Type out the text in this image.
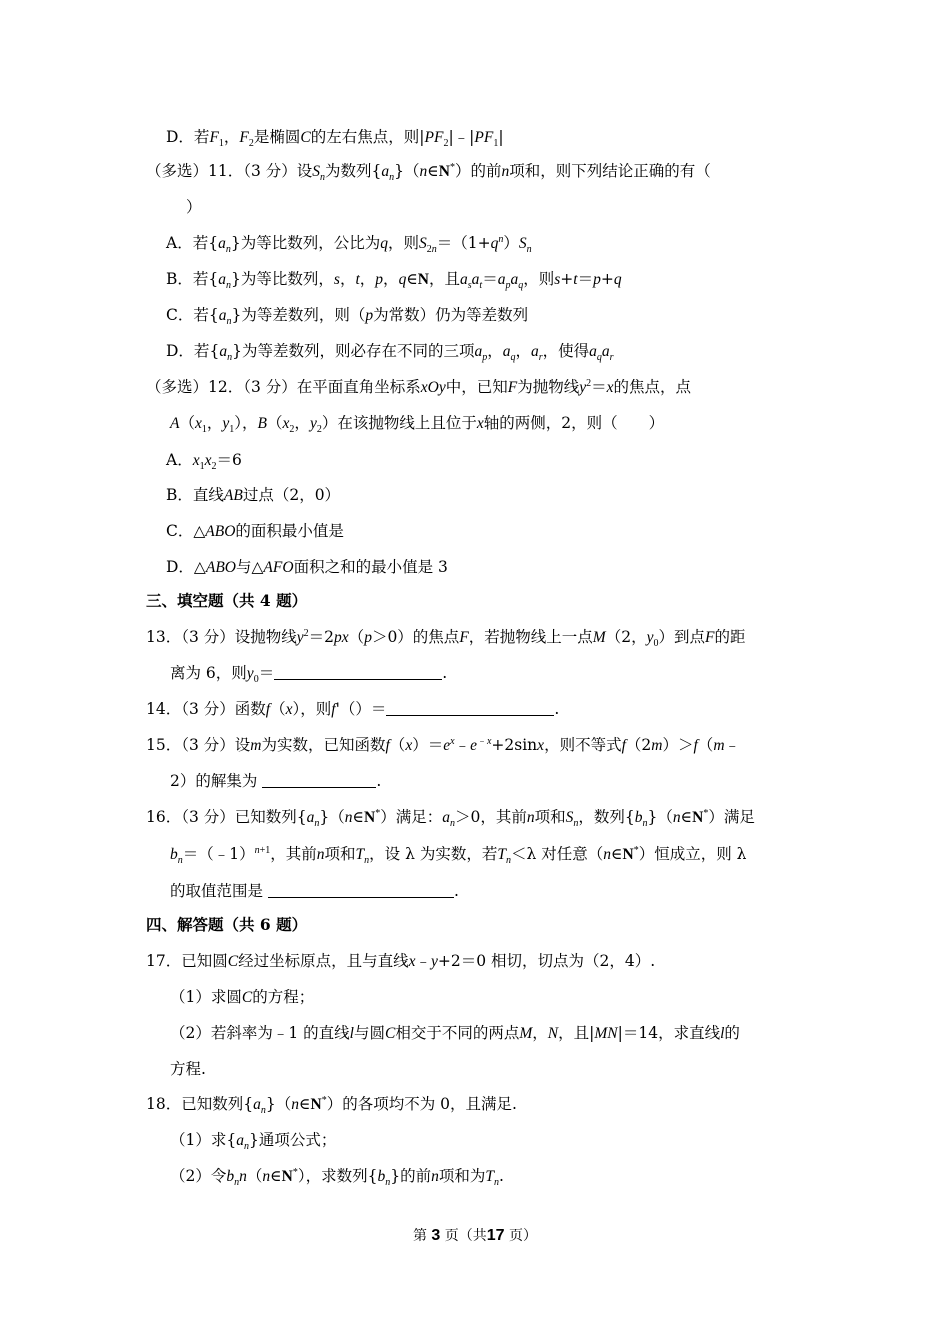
D．若$F_1$，$F_2$是椭圆C的左右焦点，则$|PF_2|﹣|PF_1|$
（多选）11．（3 分）设$S_n$为数列$\{a_n\}(n\in N^*)$的前n项和，则下列结论正确的有（
）
A．若$\{a_n\}$为等比数列，公比为q，则$S_{2n}=(1+q^n)S_n$
B．若$\{a_n\}$为等比数列，s，t，p，q∈N，且$a_sa_t=a_pa_q$，则s+t＝p+q
C．若$\{a_n\}$为等差数列，则（p为常数）仍为等差数列
D．若$\{a_n\}$为等差数列，则必存在不同的三项$a_p$，$a_q$，$a_r$，使得$a_qa_r$
（多选）12．（3 分）在平面直角坐标系xOy中，已知F为抛物线$y^2=x$的焦点，点
$A(x_1$，$y_1$），$B(x_2$，$y_2$）在该抛物线上且位于x轴的两侧，2，则（　　）
A．$x_1x_2=6$
B．直线AB过点（2，0）
C．△ABO的面积最小值是
D．△ABO与△AFO面积之和的最小值是 3
三、填空题（共 4 题）
13．（3 分）设抛物线$y^2=2px(p>0)$的焦点F，若抛物线上一点M（2，$y_0$）到点F的距
离为 6，则$y_0=$	.
14．（3 分）函数f（x），则f'（）＝	.
15．（3 分）设m为实数，已知函数$f(x)=e^x﹣e^{﹣x}+2\sin x$，则不等式f（2m）＞f（m﹣
2）的解集为	.
16．（3 分）已知数列$\{a_n\}(n\in N^*)$满足：$a_n>0$，其前n项和$S_n$，数列$\{b_n\}(n\in N^*)$满足
$b_n=(﹣1)^{n+1}$，其前n项和$T_n$，设 λ 为实数，若$T_n<\lambda$ 对任意（n∈N*）恒成立，则 λ
的取值范围是	.
四、解答题（共 6 题）
17．已知圆C经过坐标原点，且与直线x﹣y+2＝0 相切，切点为（2，4）.
（1）求圆C的方程；
（2）若斜率为﹣1 的直线l与圆C相交于不同的两点M，N，且|MN|＝14，求直线l的
方程.
18．已知数列$\{a_n\}(n\in N^*)$的各项均不为 0，且满足.
（1）求$\{a_n\}$通项公式；
（2）令$b_nn(n\in N^*)$，求数列$\{b_n\}$的前n项和为$T_n$.
第 3 页（共17 页）
